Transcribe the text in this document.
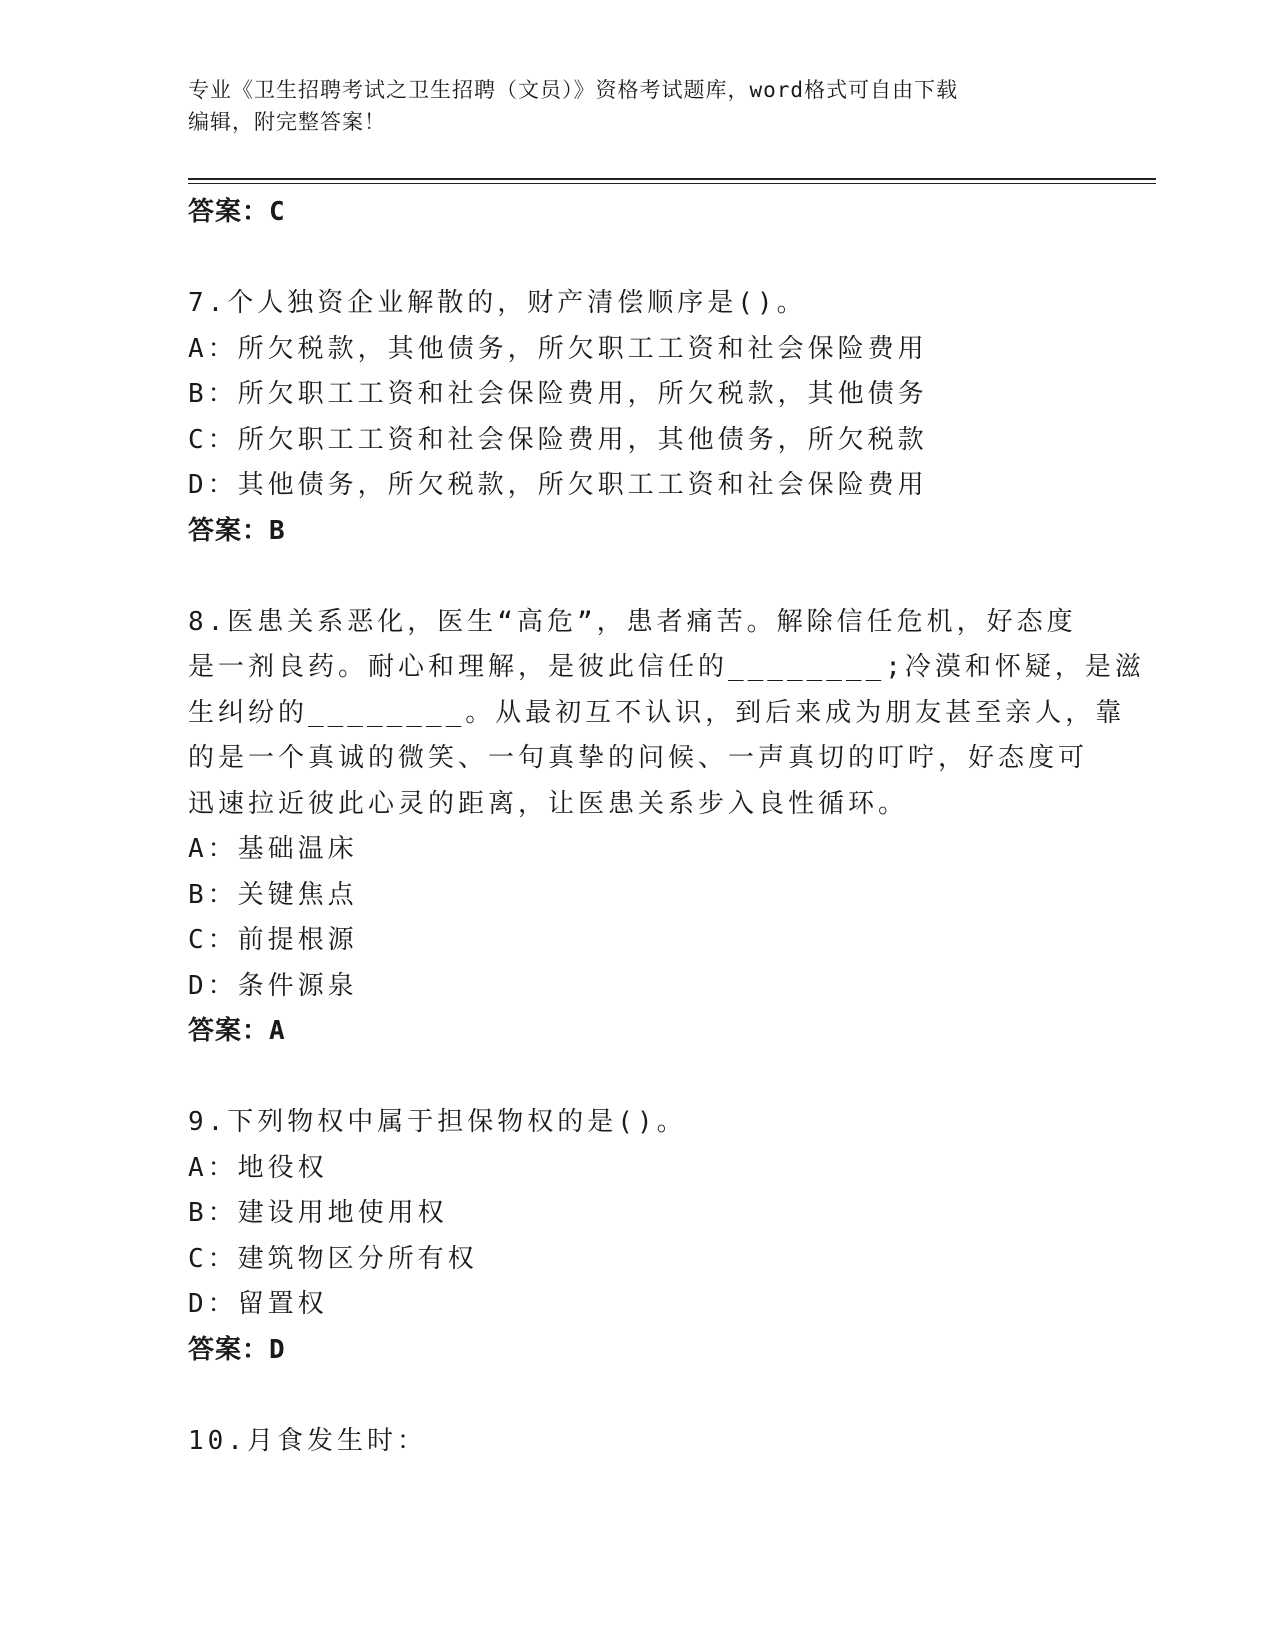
专业《卫生招聘考试之卫生招聘（文员）》资格考试题库，word格式可自由下载
编辑，附完整答案！
答案：C
7.个人独资企业解散的，财产清偿顺序是()。
A：所欠税款，其他债务，所欠职工工资和社会保险费用
B：所欠职工工资和社会保险费用，所欠税款，其他债务
C：所欠职工工资和社会保险费用，其他债务，所欠税款
D：其他债务，所欠税款，所欠职工工资和社会保险费用
答案：B
8.医患关系恶化，医生“高危”，患者痛苦。解除信任危机，好态度
是一剂良药。耐心和理解，是彼此信任的________;冷漠和怀疑，是滋
生纠纷的________。从最初互不认识，到后来成为朋友甚至亲人，靠
的是一个真诚的微笑、一句真挚的问候、一声真切的叮咛，好态度可
迅速拉近彼此心灵的距离，让医患关系步入良性循环。
A：基础温床
B：关键焦点
C：前提根源
D：条件源泉
答案：A
9.下列物权中属于担保物权的是()。
A：地役权
B：建设用地使用权
C：建筑物区分所有权
D：留置权
答案：D
10.月食发生时：
